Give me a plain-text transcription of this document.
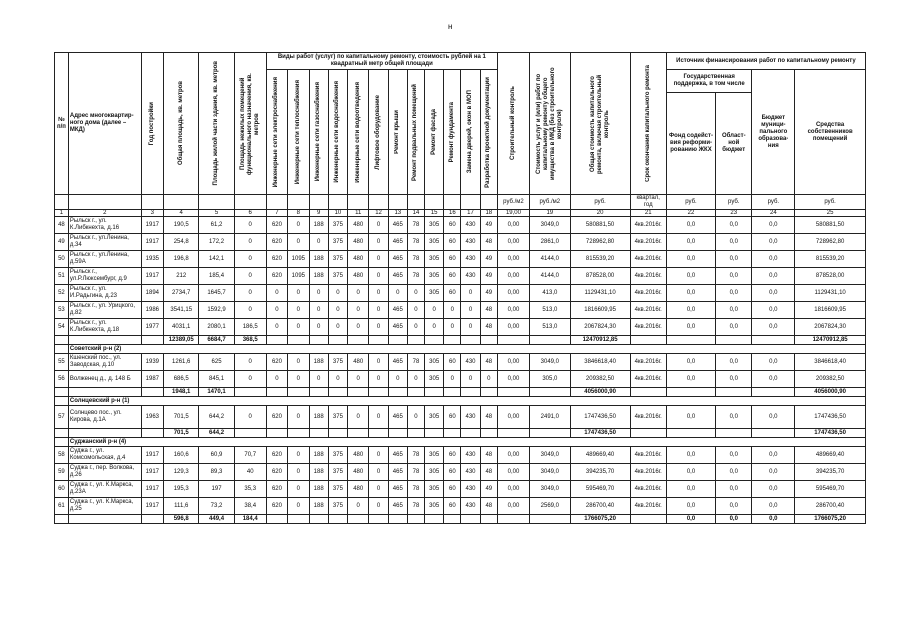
н
№ п/п	Адрес многоквартир-ного дома (далее – МКД)	Год постройки	Общая площадь, кв. метров	Площадь жилой части здания, кв. метров	Площадь нежилых помещений функционального назначения, кв. метров	Виды работ (услуг) по капитальному ремонту, стоимость рублей на 1 квадратный метр общей площади												Строительный контроль	Стоимость услуг и (или) работ по капитальному ремонту общего имущества в МКД (без строительного контроля)	Общая стоимость капитального ремонта, включая строительный контроль	Срок окончания капитального ремонта	Источник финансирования работ по капитальному ремонту			

						Инженерные сети электроснабжения	Инженерные сети теплоснабжения	Инженерные сети газоснабжения	Инженерные сети водоснабжения	Инженерные сети водоотведения	Лифтовое оборудование	Ремонт крыши	Ремонт подвальных помещений	Ремонт фасада	Ремонт фундамента	Замена дверей, окон в МОП	Разработка проектной документации					Государственная поддержка, в том числе		Бюджет муници-пального образова-ния	Средства собственников помещений
																						Фонд содейст-вия реформи-рованию ЖКХ	Област-ной бюджет		
																		руб./м2	руб./м2	руб.	квартал, год	руб.	руб.	руб.	руб.
1	2	3	4	5	6	7	8	9	10	11	12	13	14	15	16	17	18	19,00	19	20	21	22	23	24	25
48	Рыльск г., ул. К.Либкнехта, д.16	1917	190,5	61,2	0	620	0	188	375	480	0	465	78	305	60	430	49	0,00	3049,0	580881,50	4кв.2016г.	0,0	0,0	0,0	580881,50
49	Рыльск г., ул.Ленина, д.34	1917	254,8	172,2	0	620	0	0	375	480	0	465	78	305	60	430	48	0,00	2861,0	728962,80	4кв.2016г.	0,0	0,0	0,0	728962,80
50	Рыльск г., ул.Ленина, д.59А	1935	196,8	142,1	0	620	1095	188	375	480	0	465	78	305	60	430	49	0,00	4144,0	815539,20	4кв.2016г.	0,0	0,0	0,0	815539,20
51	Рыльск г., ул.Р.Люксембург, д.9	1917	212	185,4	0	620	1095	188	375	480	0	465	78	305	60	430	49	0,00	4144,0	878528,00	4кв.2016г.	0,0	0,0	0,0	878528,00
52	Рыльск г., ул. И.Радьгина, д.23	1894	2734,7	1645,7	0	0	0	0	0	0	0	0	0	305	60	0	49	0,00	413,0	1129431,10	4кв.2016г.	0,0	0,0	0,0	1129431,10
53	Рыльск г., ул. Урицкого, д.82	1986	3541,15	1592,9	0	0	0	0	0	0	0	465	0	0	0	0	48	0,00	513,0	1816609,95	4кв.2016г.	0,0	0,0	0,0	1816609,95
54	Рыльск г., ул. К.Либкнехта, д.18	1977	4031,1	2080,1	186,5	0	0	0	0	0	0	465	0	0	0	0	48	0,00	513,0	2067824,30	4кв.2016г.	0,0	0,0	0,0	2067824,30
			12389,05	6684,7	368,5															12470912,85					12470912,85
	Советский р-н (2)																								
55	Кшенский пос., ул. Заводская, д.10	1939	1261,6	625	0	620	0	188	375	480	0	465	78	305	60	430	48	0,00	3049,0	3846618,40	4кв.2016г.	0,0	0,0	0,0	3846618,40
56	Волженец д., д. 148 Б	1987	686,5	845,1	0	0	0	0	0	0	0	0	0	305	0	0	0	0,00	305,0	209382,50	4кв.2016г.	0,0	0,0	0,0	209382,50
			1948,1	1470,1																4056000,90					4056000,90
	Солнцевский р-н (1)																								
57	Солнцево пос., ул. Кирова, д.1А	1963	701,5	644,2	0	620	0	188	375	0	0	465	0	305	60	430	48	0,00	2491,0	1747436,50	4кв.2016г.	0,0	0,0	0,0	1747436,50
			701,5	644,2																1747436,50					1747436,50
	Суджанский р-н (4)																								
58	Суджа г., ул. Комсомольская, д.4	1917	160,6	60,9	70,7	620	0	188	375	480	0	465	78	305	60	430	48	0,00	3049,0	489669,40	4кв.2016г.	0,0	0,0	0,0	489669,40
59	Суджа г., пер. Волкова, д.26	1917	129,3	89,3	40	620	0	188	375	480	0	465	78	305	60	430	48	0,00	3049,0	394235,70	4кв.2016г.	0,0	0,0	0,0	394235,70
60	Суджа г., ул. К.Маркса, д.23А	1917	195,3	197	35,3	620	0	188	375	480	0	465	78	305	60	430	49	0,00	3049,0	595469,70	4кв.2016г.	0,0	0,0	0,0	595469,70
61	Суджа г., ул. К.Маркса, д.25	1917	111,6	73,2	38,4	620	0	188	375	0	0	465	78	305	60	430	48	0,00	2569,0	286700,40	4кв.2016г.	0,0	0,0	0,0	286700,40
			596,8	449,4	184,4															1766075,20		0,0	0,0	0,0	1766075,20
